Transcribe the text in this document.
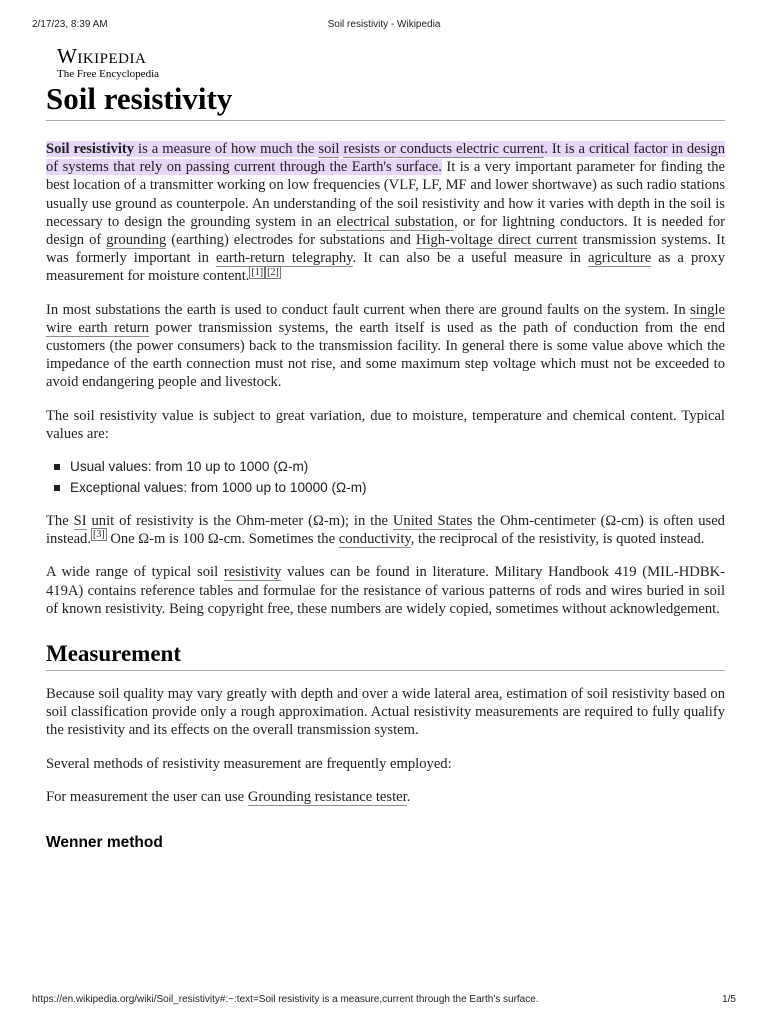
2/17/23, 8:39 AM	Soil resistivity - Wikipedia
Wikipedia
The Free Encyclopedia
Soil resistivity

Soil resistivity is a measure of how much the soil resists or conducts electric current. It is a critical factor in design of systems that rely on passing current through the Earth's surface. It is a very important parameter for finding the best location of a transmitter working on low frequencies (VLF, LF, MF and lower shortwave) as such radio stations usually use ground as counterpole. An understanding of the soil resistivity and how it varies with depth in the soil is necessary to design the grounding system in an electrical substation, or for lightning conductors. It is needed for design of grounding (earthing) electrodes for substations and High-voltage direct current transmission systems. It was formerly important in earth-return telegraphy. It can also be a useful measure in agriculture as a proxy measurement for moisture content. [1] [2]

In most substations the earth is used to conduct fault current when there are ground faults on the system. In single wire earth return power transmission systems, the earth itself is used as the path of conduction from the end customers (the power consumers) back to the transmission facility. In general there is some value above which the impedance of the earth connection must not rise, and some maximum step voltage which must not be exceeded to avoid endangering people and livestock.

The soil resistivity value is subject to great variation, due to moisture, temperature and chemical content. Typical values are:

Usual values: from 10 up to 1000 (Ω-m)
Exceptional values: from 1000 up to 10000 (Ω-m)

The SI unit of resistivity is the Ohm-meter (Ω-m); in the United States the Ohm-centimeter (Ω-cm) is often used instead. [3] One Ω-m is 100 Ω-cm. Sometimes the conductivity, the reciprocal of the resistivity, is quoted instead.

A wide range of typical soil resistivity values can be found in literature. Military Handbook 419 (MIL-HDBK-419A) contains reference tables and formulae for the resistance of various patterns of rods and wires buried in soil of known resistivity. Being copyright free, these numbers are widely copied, sometimes without acknowledgement.

Measurement

Because soil quality may vary greatly with depth and over a wide lateral area, estimation of soil resistivity based on soil classification provide only a rough approximation. Actual resistivity measurements are required to fully qualify the resistivity and its effects on the overall transmission system.

Several methods of resistivity measurement are frequently employed:

For measurement the user can use Grounding resistance tester.

Wenner method
https://en.wikipedia.org/wiki/Soil_resistivity#:~:text=Soil resistivity is a measure,current through the Earth's surface.	1/5
